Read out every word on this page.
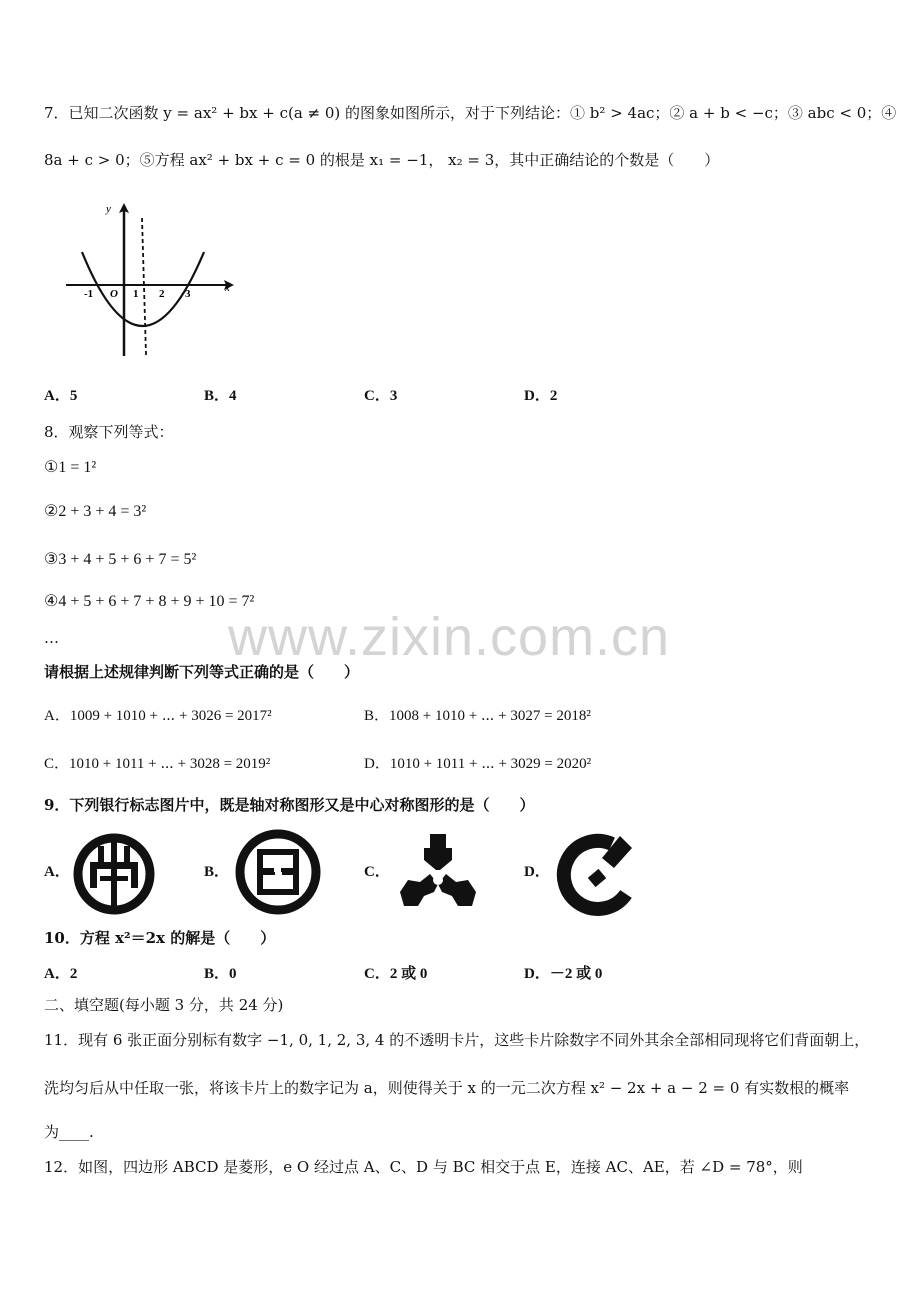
www.zixin.com.cn
7．已知二次函数 y = ax² + bx + c(a ≠ 0) 的图象如图所示，对于下列结论：① b² > 4ac；② a + b < −c；③ abc < 0；④
8a + c > 0；⑤方程 ax² + bx + c = 0 的根是 x₁ = −1， x₂ = 3，其中正确结论的个数是（　　）
y
x
-1 O 1 2 3
A．5	B．4	C．3	D．2
8．观察下列等式：
①1 = 1²
②2 + 3 + 4 = 3²
③3 + 4 + 5 + 6 + 7 = 5²
④4 + 5 + 6 + 7 + 8 + 9 + 10 = 7²
…
请根据上述规律判断下列等式正确的是（　　）
A．1009 + 1010 + ⋯ + 3026 = 2017²	B．1008 + 1010 + ⋯ + 3027 = 2018²
C．1010 + 1011 + ⋯ + 3028 = 2019²	D．1010 + 1011 + ⋯ + 3029 = 2020²
9．下列银行标志图片中，既是轴对称图形又是中心对称图形的是（　　）
A．	B．	C．	D．
10．方程 x²＝2x 的解是（　　）
A．2	B．0	C．2 或 0	D．－2 或 0
二、填空题(每小题 3 分，共 24 分)
11．现有 6 张正面分别标有数字 −1, 0, 1, 2, 3, 4 的不透明卡片，这些卡片除数字不同外其余全部相同现将它们背面朝上，
洗均匀后从中任取一张，将该卡片上的数字记为 a，则使得关于 x 的一元二次方程 x² − 2x + a − 2 = 0 有实数根的概率
为____.
12．如图，四边形 ABCD 是菱形，e O 经过点 A、C、D 与 BC 相交于点 E，连接 AC、AE，若 ∠D = 78°，则
